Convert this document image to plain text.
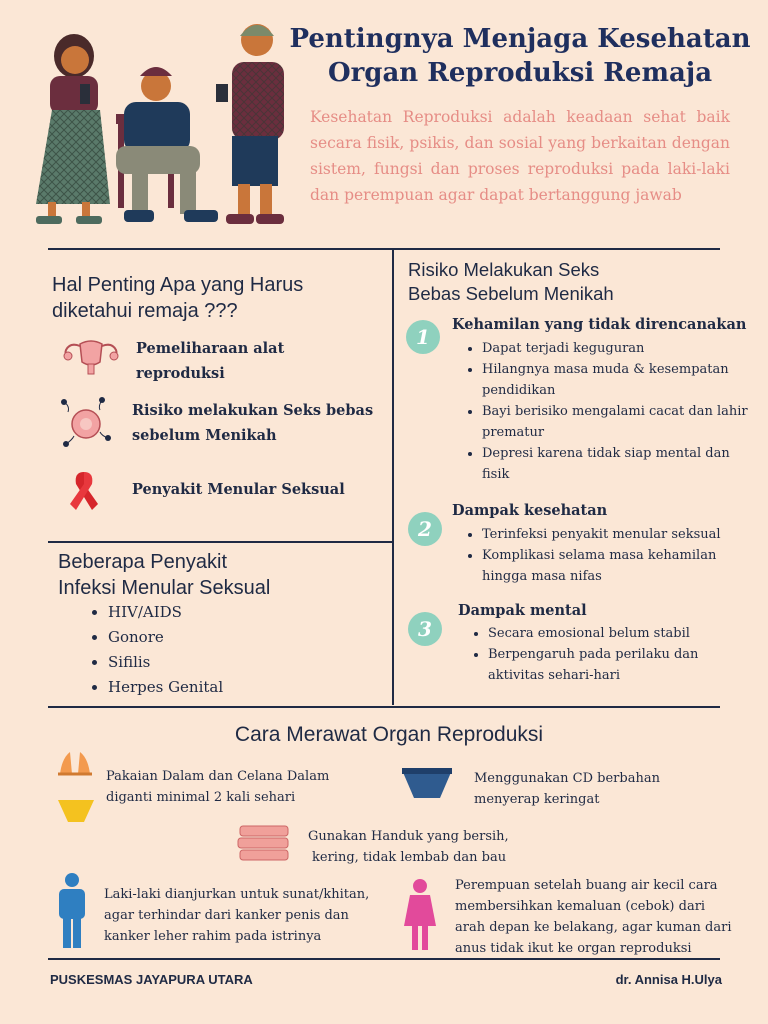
Pentingnya Menjaga Kesehatan
Organ Reproduksi Remaja
Kesehatan Reproduksi adalah keadaan sehat baik secara fisik, psikis, dan sosial yang berkaitan dengan sistem, fungsi dan proses reproduksi pada laki-laki dan perempuan agar dapat bertanggung jawab
Hal Penting Apa yang Harus
diketahui remaja ???
Pemeliharaan alat
reproduksi
Risiko melakukan Seks bebas
sebelum Menikah
Penyakit Menular Seksual
Beberapa Penyakit
Infeksi Menular Seksual
• HIV/AIDS
• Gonore
• Sifilis
• Herpes Genital
Risiko Melakukan Seks
Bebas Sebelum Menikah
1
Kehamilan yang tidak direncanakan
• Dapat terjadi keguguran
• Hilangnya masa muda & kesempatan pendidikan
• Bayi berisiko mengalami cacat dan lahir prematur
• Depresi karena tidak siap mental dan fisik
2
Dampak kesehatan
• Terinfeksi penyakit menular seksual
• Komplikasi selama masa kehamilan hingga masa nifas
3
Dampak mental
• Secara emosional belum stabil
• Berpengaruh pada perilaku dan aktivitas sehari-hari
Cara Merawat Organ Reproduksi
Pakaian Dalam dan Celana Dalam
diganti minimal 2 kali sehari
Menggunakan CD berbahan
menyerap keringat
Gunakan Handuk yang bersih,
kering, tidak lembab dan bau
Laki-laki dianjurkan untuk sunat/khitan,
agar terhindar dari kanker penis dan
kanker leher rahim pada istrinya
Perempuan setelah buang air kecil cara
membersihkan kemaluan (cebok) dari
arah depan ke belakang, agar kuman dari
anus tidak ikut ke organ reproduksi
PUSKESMAS JAYAPURA UTARA	dr. Annisa H.Ulya
